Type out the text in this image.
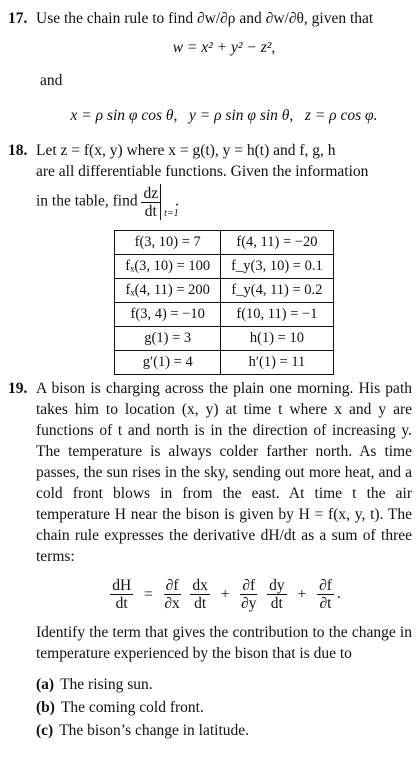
17. Use the chain rule to find ∂w/∂ρ and ∂w/∂θ, given that
w = x² + y² − z²,
and
x = ρ sin φ cos θ,   y = ρ sin φ sin θ,   z = ρ cos φ.
18. Let z = f(x, y) where x = g(t), y = h(t) and f, g, h
are all differentiable functions. Given the information
in the table, find $\frac{dz}{dt} t=1$
.
f(3, 10) = 7	f(4, 11) = −20
fₓ(3, 10) = 100	f_y(3, 10) = 0.1
fₓ(4, 11) = 200	f_y(4, 11) = 0.2
f(3, 4) = −10	f(10, 11) = −1
g(1) = 3	h(1) = 10
g′(1) = 4	h′(1) = 11
19. A bison is charging across the plain one morning. His path takes him to location (x, y) at time t where x and y are functions of t and north is in the direction of increasing y. The temperature is always colder farther north. As time passes, the sun rises in the sky, sending out more heat, and a cold front blows in from the east. At time t the air temperature H near the bison is given by H = f(x, y, t). The chain rule expresses the derivative dH/dt as a sum of three terms:
$\frac{dH}{dt} = \frac{\partial f}{\partial x}$
$\frac{dx}{dt} + \frac{\partial f}{\partial y}$
$\frac{dy}{dt} + \frac{\partial f}{\partial t}$ .
Identify the term that gives the contribution to the change in temperature experienced by the bison that is due to
(a) The rising sun.
(b) The coming cold front.
(c) The bison’s change in latitude.
